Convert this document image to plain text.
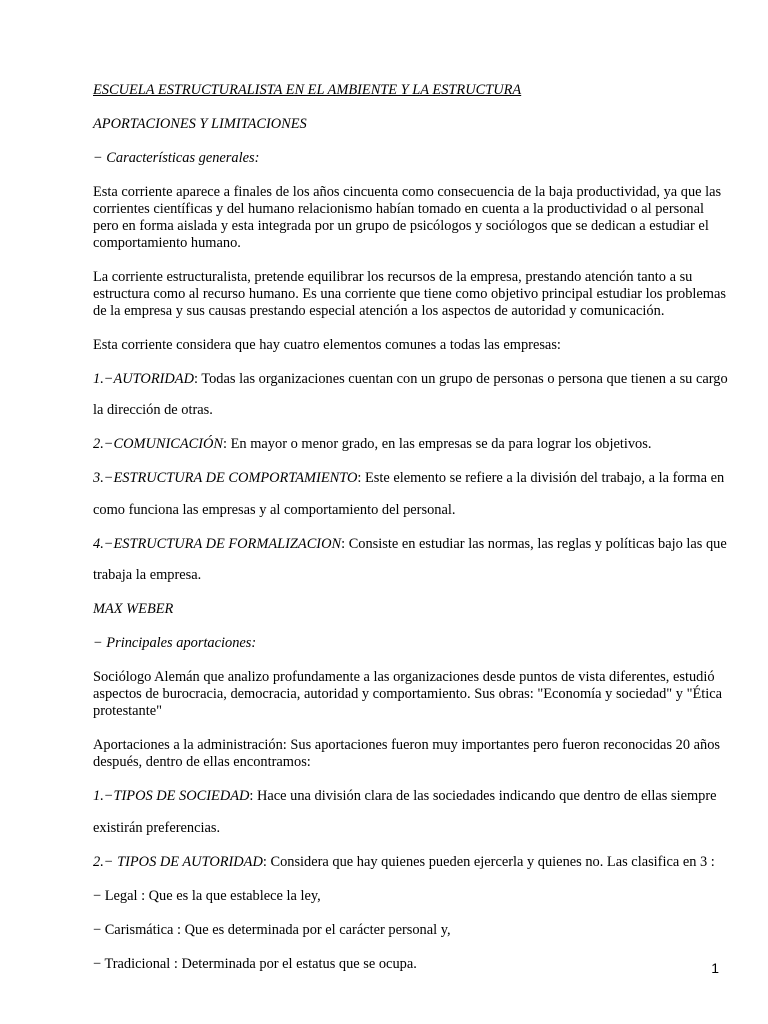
ESCUELA ESTRUCTURALISTA EN EL AMBIENTE Y LA ESTRUCTURA

APORTACIONES Y LIMITACIONES

− Características generales:

Esta corriente aparece a finales de los años cincuenta como consecuencia de la baja productividad, ya que las

corrientes científicas y del humano relacionismo habían tomado en cuenta a la productividad o al personal

pero en forma aislada y esta integrada por un grupo de psicólogos y sociólogos que se dedican a estudiar el

comportamiento humano.

La corriente estructuralista, pretende equilibrar los recursos de la empresa, prestando atención tanto a su

estructura como al recurso humano. Es una corriente que tiene como objetivo principal estudiar los problemas

de la empresa y sus causas prestando especial atención a los aspectos de autoridad y comunicación.

Esta corriente considera que hay cuatro elementos comunes a todas las empresas:

1.−AUTORIDAD: Todas las organizaciones cuentan con un grupo de personas o persona que tienen a su cargo

la dirección de otras.

2.−COMUNICACIÓN: En mayor o menor grado, en las empresas se da para lograr los objetivos.

3.−ESTRUCTURA DE COMPORTAMIENTO: Este elemento se refiere a la división del trabajo, a la forma en

como funciona las empresas y al comportamiento del personal.

4.−ESTRUCTURA DE FORMALIZACION: Consiste en estudiar las normas, las reglas y políticas bajo las que

trabaja la empresa.

MAX WEBER

− Principales aportaciones:

Sociólogo Alemán que analizo profundamente a las organizaciones desde puntos de vista diferentes, estudió

aspectos de burocracia, democracia, autoridad y comportamiento. Sus obras: "Economía y sociedad" y "Ética

protestante"

Aportaciones a la administración: Sus aportaciones fueron muy importantes pero fueron reconocidas 20 años

después, dentro de ellas encontramos:

1.−TIPOS DE SOCIEDAD: Hace una división clara de las sociedades indicando que dentro de ellas siempre

existirán preferencias.

2.− TIPOS DE AUTORIDAD: Considera que hay quienes pueden ejercerla y quienes no. Las clasifica en 3 :

− Legal : Que es la que establece la ley,

− Carismática : Que es determinada por el carácter personal y,

− Tradicional : Determinada por el estatus que se ocupa.	1
